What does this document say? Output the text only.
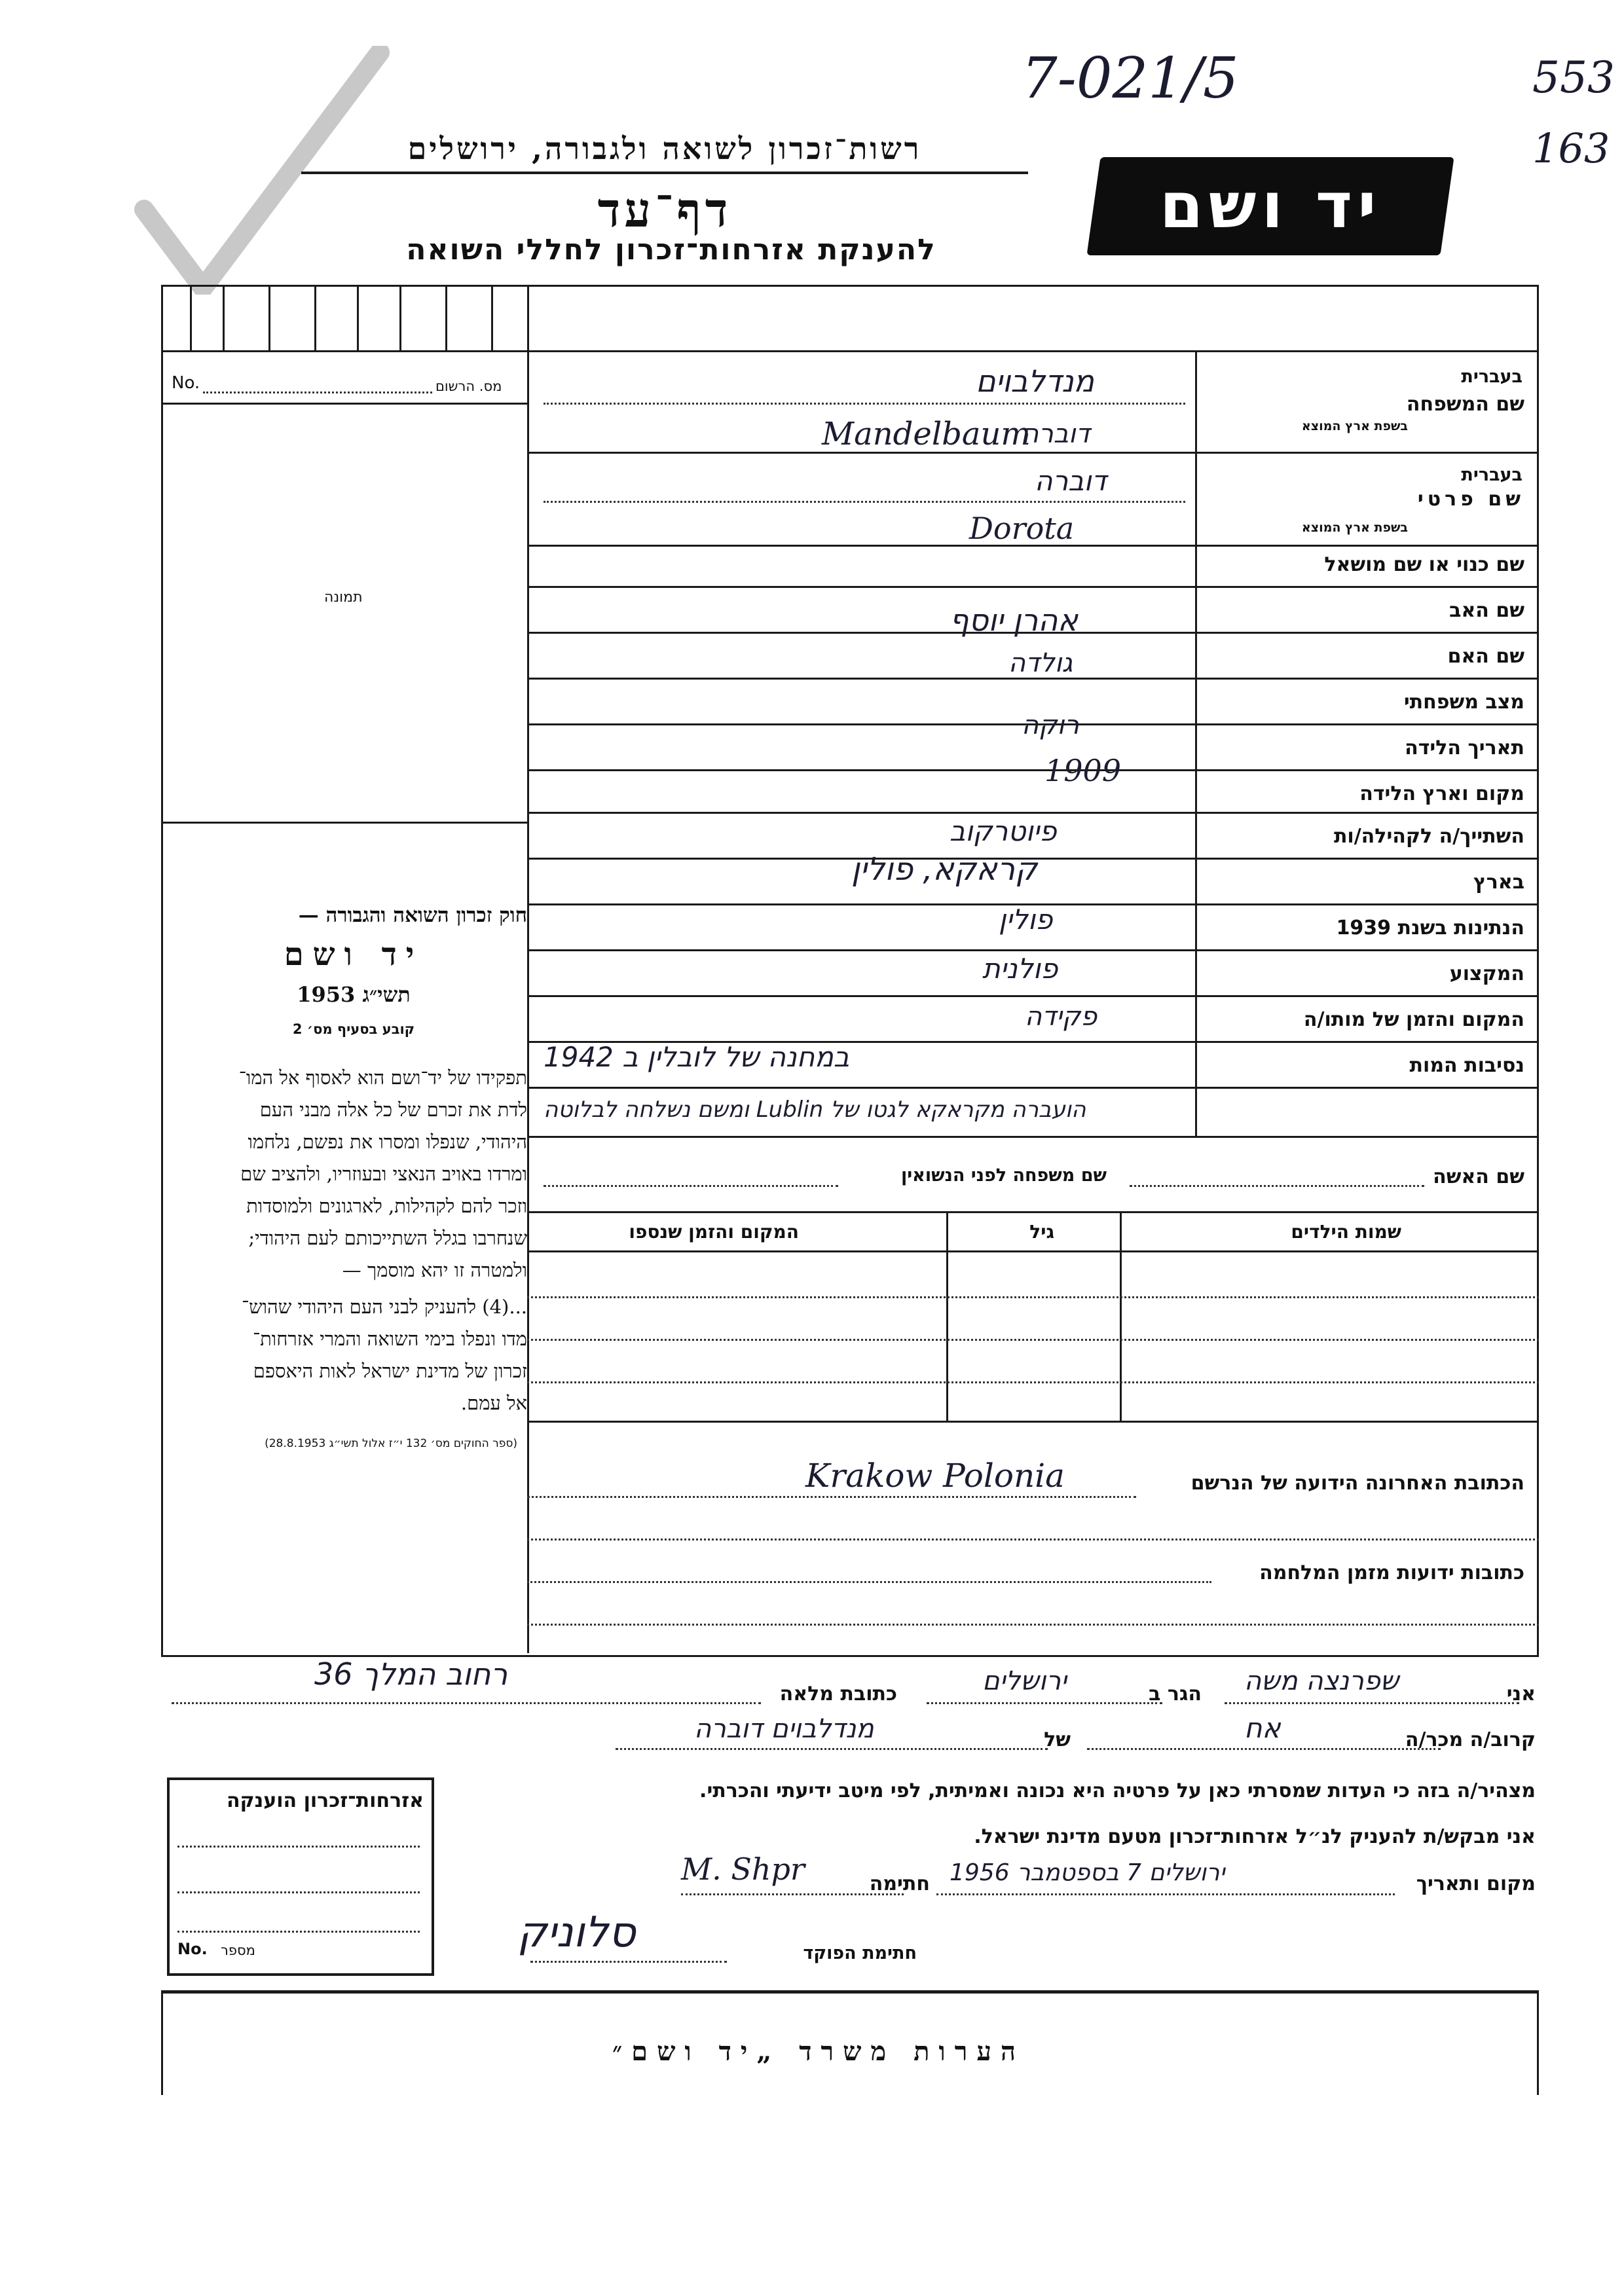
7-021/5	553
163
רשות־זכרון לשואה ולגבורה, ירושלים
דף־עד
להענקת אזרחות־זכרון לחללי השואה
יד ושם
No.	מס. הרשום
תמונה
חוק זכרון השואה והגבורה —
יד ושם
תשי״ג 1953
קובע בסעיף מס׳ 2
תפקידו של יד־ושם הוא לאסוף אל המו־
לדת את זכרם של כל אלה מבני העם
היהודי, שנפלו ומסרו את נפשם, נלחמו
ומרדו באויב הנאצי ובעוזריו, ולהציב שם
וזכר להם לקהילות, לארגונים ולמוסדות
שנחרבו בגלל השתייכותם לעם היהודי;
ולמטרה זו יהא מוסמך —
...(4) להעניק לבני העם היהודי שהוש־
מדו ונפלו בימי השואה והמרי אזרחות־
זכרון של מדינת ישראל לאות היאספם
אל עמם.
(ספר החוקים מס׳ 132 י״ז אלול תשי״ג 28.8.1953)
בעברית
שם המשפחה
בשפת ארץ המוצא
בעברית
שם פרטי
בשפת ארץ המוצא
שם כנוי או שם מושאל
שם האב
שם האם
מצב משפחתי
תאריך הלידה
מקום וארץ הלידה
השתייך/ה לקהילה/ות
בארץ
הנתינות בשנת 1939
המקצוע
המקום והזמן של מותו/ה
נסיבות המות
מנדלבוים
Mandelbaum
דוברה
דוברה
Dorota
אהרן יוסף
גולדה
רוקה
1909
פיוטרקוב
קראקא, פולין
פולין
פולנית
פקידה
במחנה של לובלין ב 1942
הועברה מקראקא לגטו של Lublin ומשם נשלחה לבלוטה
שם האשה
שם משפחה לפני הנשואין
שמות הילדים
גיל
המקום והזמן שנספו
הכתובת האחרונה הידועה של הנרשם
Krakow Polonia
כתובות ידועות מזמן המלחמה
אני
שפרנצה משה
הגר ב
ירושלים
כתובת מלאה
רחוב המלך 36
קרוב/ה מכר/ה
אח
של
מנדלבוים דוברה
מצהיר/ה בזה כי העדות שמסרתי כאן על פרטיה היא נכונה ואמיתית, לפי מיטב ידיעתי והכרתי.
אני מבקש/ת להעניק לנ״ל אזרחות־זכרון מטעם מדינת ישראל.
מקום ותאריך
ירושלים 7 בספטמבר 1956
חתימה
M. Shpr
חתימת הפוקד
סלוניק
אזרחות־זכרון הוענקה
No. מספר
הערות משרד „יד ושם״
